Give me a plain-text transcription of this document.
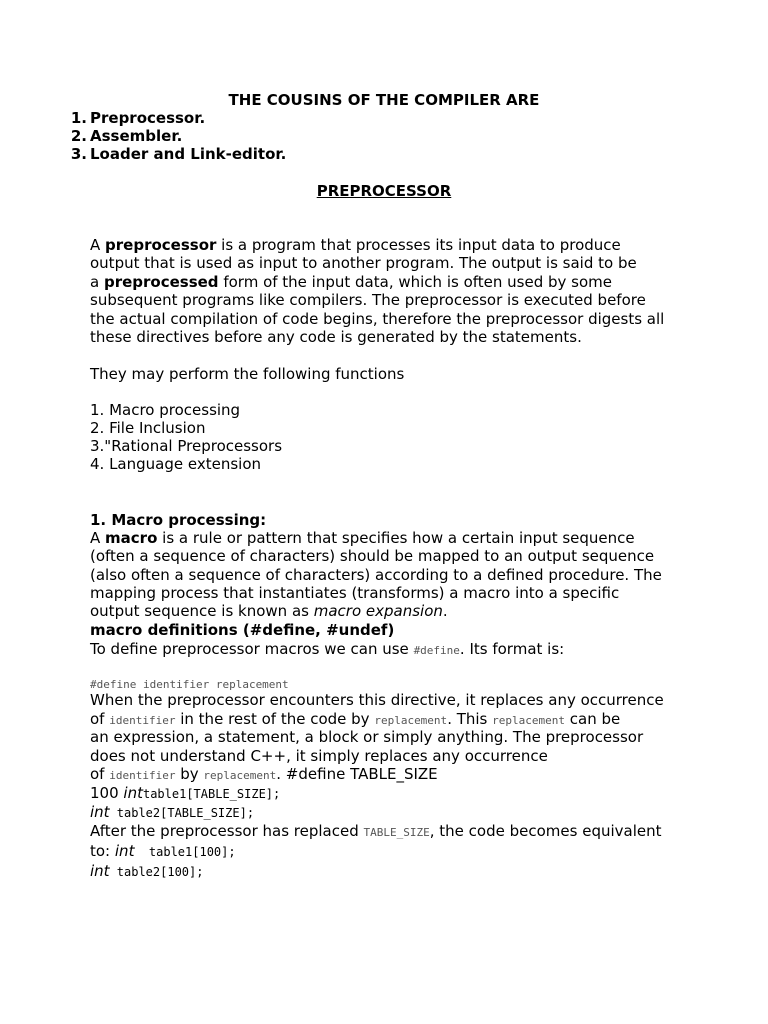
THE COUSINS OF THE COMPILER ARE
1. Preprocessor.
2. Assembler.
3. Loader and Link-editor.
PREPROCESSOR
A preprocessor is a program that processes its input data to produce
output that is used as input to another program. The output is said to be
a preprocessed form of the input data, which is often used by some
subsequent programs like compilers. The preprocessor is executed before
the actual compilation of code begins, therefore the preprocessor digests all
these directives before any code is generated by the statements.
They may perform the following functions
1. Macro processing
2. File Inclusion
3."Rational Preprocessors
4. Language extension
1. Macro processing:
A macro is a rule or pattern that specifies how a certain input sequence
(often a sequence of characters) should be mapped to an output sequence
(also often a sequence of characters) according to a defined procedure. The
mapping process that instantiates (transforms) a macro into a specific
output sequence is known as macro expansion.
macro definitions (#define, #undef)
To define preprocessor macros we can use #define. Its format is:
#define identifier replacement
When the preprocessor encounters this directive, it replaces any occurrence
of identifier in the rest of the code by replacement. This replacement can be
an expression, a statement, a block or simply anything. The preprocessor
does not understand C++, it simply replaces any occurrence
of identifier by replacement. #define TABLE_SIZE
100 inttable1[TABLE_SIZE];
int table2[TABLE_SIZE];
After the preprocessor has replaced TABLE_SIZE, the code becomes equivalent
to: int  table1[100];
int table2[100];
